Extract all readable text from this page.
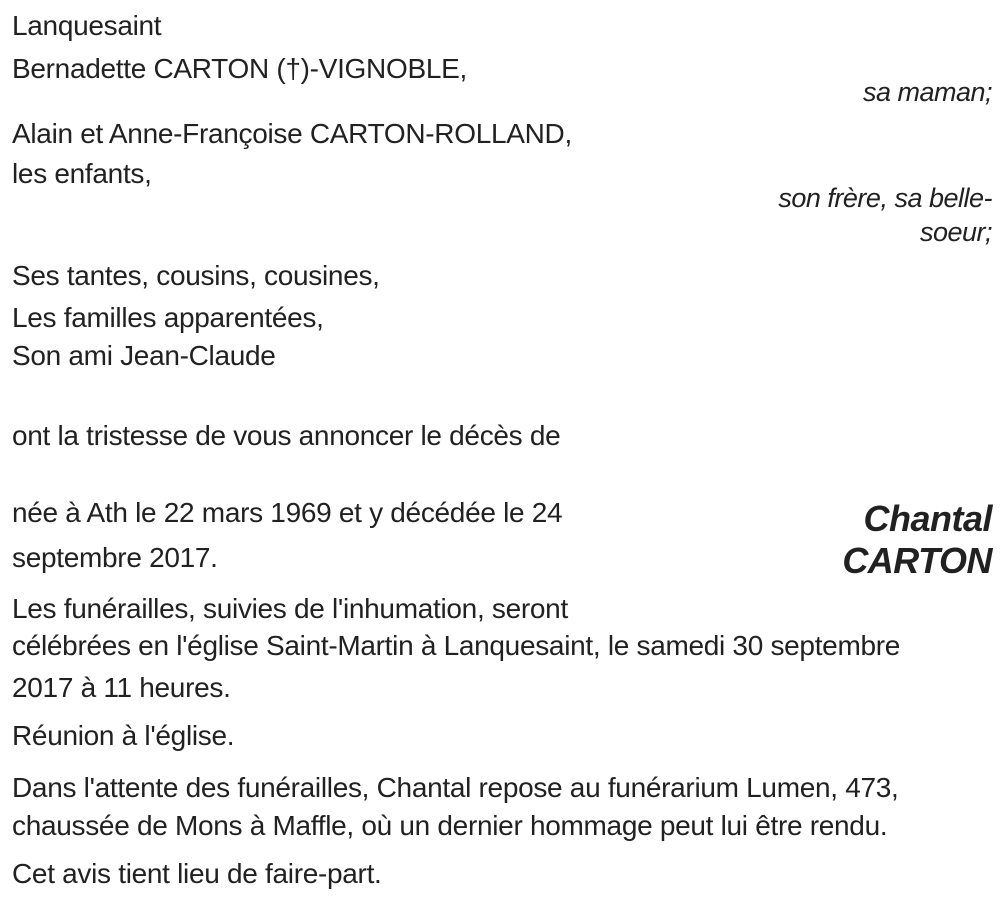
Lanquesaint
Bernadette CARTON (†)-VIGNOBLE,
sa maman;
Alain et Anne-Françoise CARTON-ROLLAND,
les enfants,
son frère, sa belle-
soeur;
Ses tantes, cousins, cousines,
Les familles apparentées,
Son ami Jean-Claude
ont la tristesse de vous annoncer le décès de
née à Ath le 22 mars 1969 et y décédée le 24
septembre 2017.
Chantal
CARTON
Les funérailles, suivies de l'inhumation, seront
célébrées en l'église Saint-Martin à Lanquesaint, le samedi 30 septembre
2017 à 11 heures.
Réunion à l'église.
Dans l'attente des funérailles, Chantal repose au funérarium Lumen, 473,
chaussée de Mons à Maffle, où un dernier hommage peut lui être rendu.
Cet avis tient lieu de faire-part.
